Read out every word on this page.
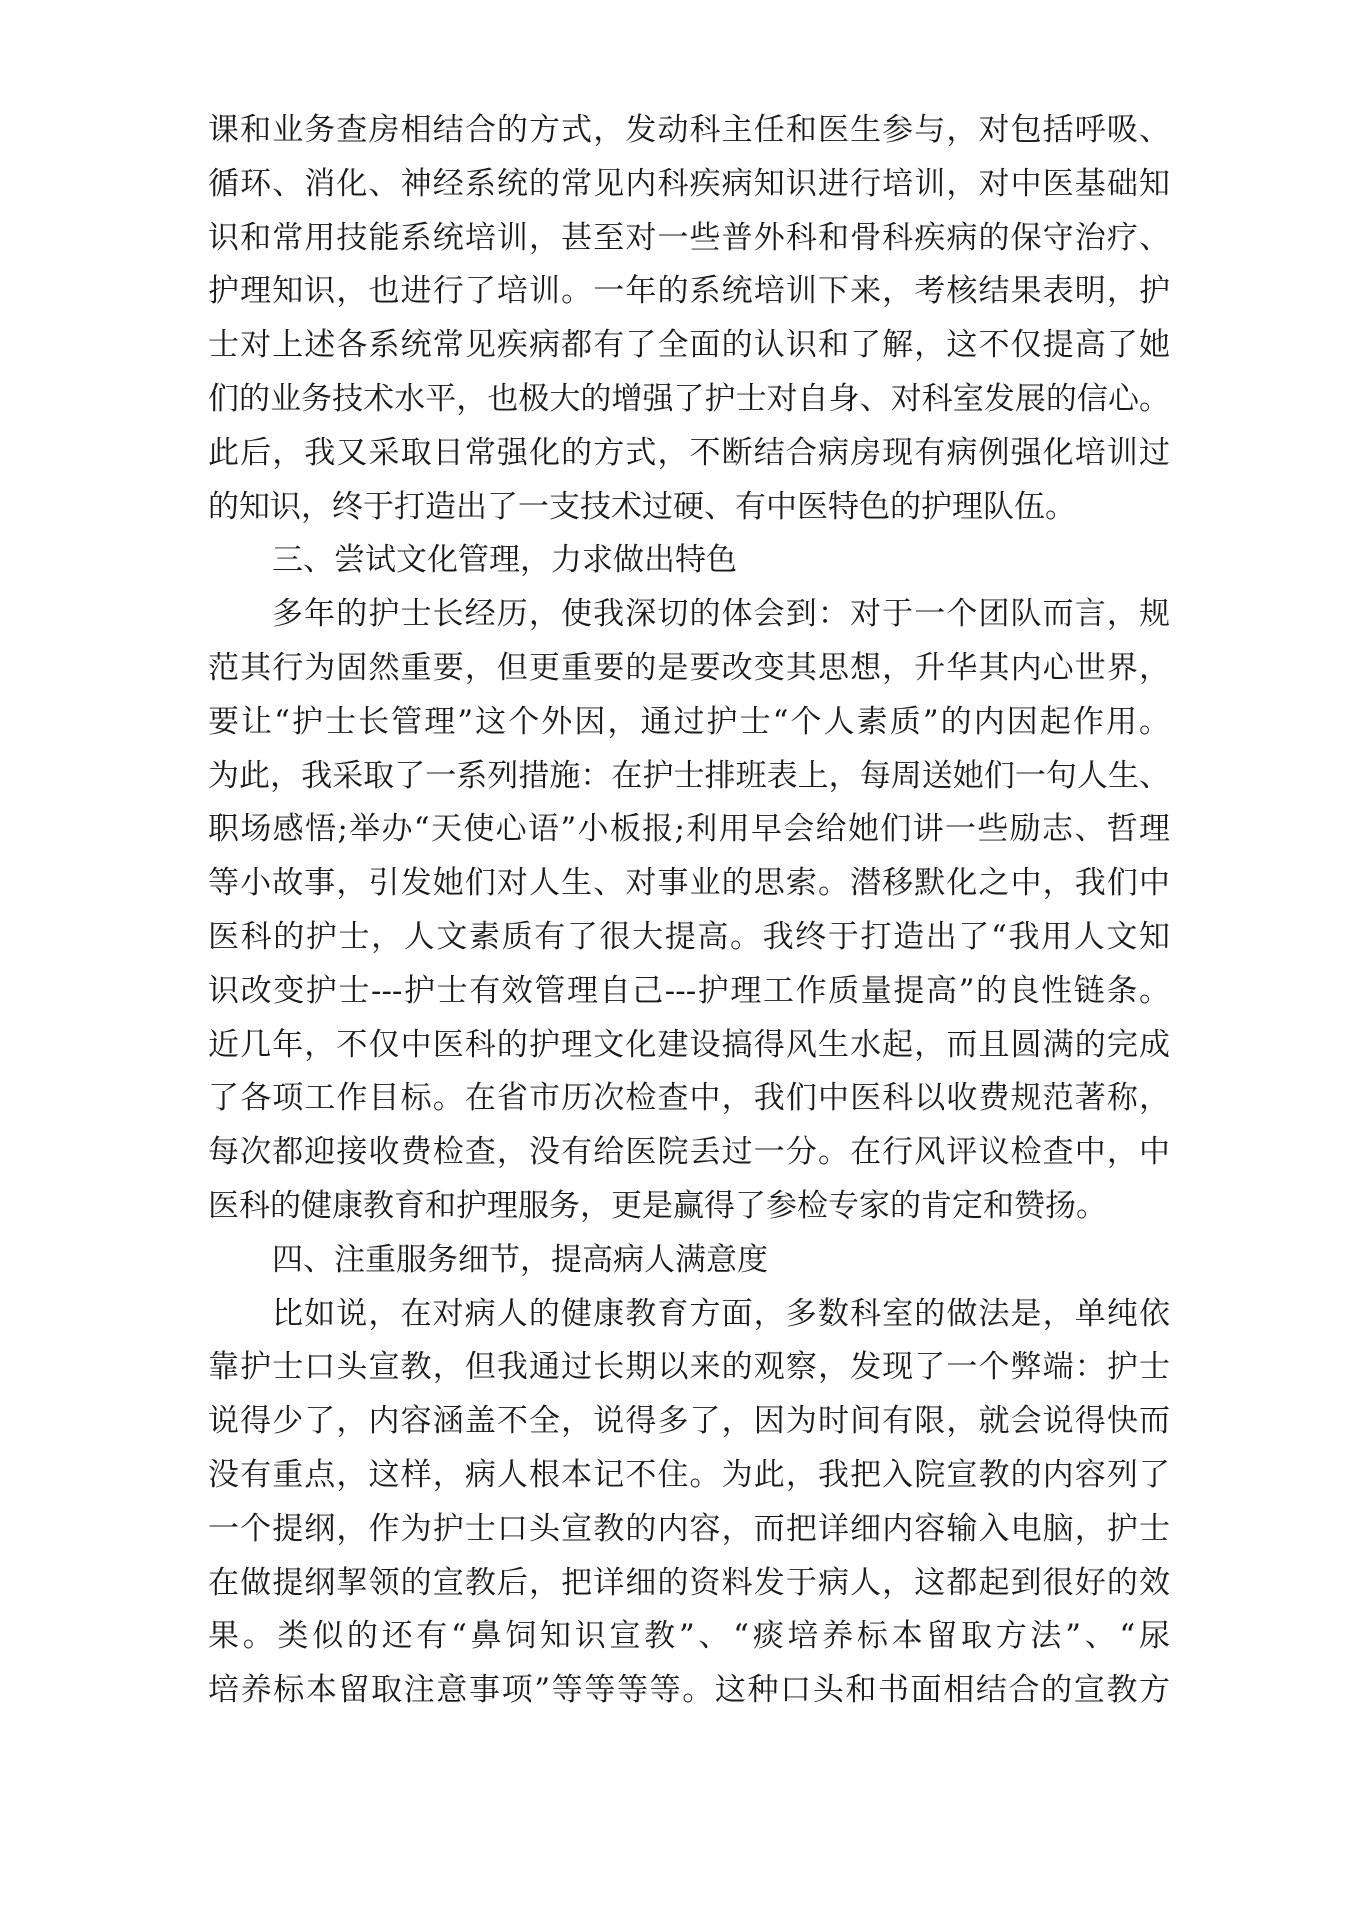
课和业务查房相结合的方式，发动科主任和医生参与，对包括呼吸、
循环、消化、神经系统的常见内科疾病知识进行培训，对中医基础知
识和常用技能系统培训，甚至对一些普外科和骨科疾病的保守治疗、
护理知识，也进行了培训。一年的系统培训下来，考核结果表明，护
士对上述各系统常见疾病都有了全面的认识和了解，这不仅提高了她
们的业务技术水平，也极大的增强了护士对自身、对科室发展的信心。
此后，我又采取日常强化的方式，不断结合病房现有病例强化培训过
的知识，终于打造出了一支技术过硬、有中医特色的护理队伍。
三、尝试文化管理，力求做出特色
多年的护士长经历，使我深切的体会到：对于一个团队而言，规
范其行为固然重要，但更重要的是要改变其思想，升华其内心世界，
要让“护士长管理”这个外因，通过护士“个人素质”的内因起作用。
为此，我采取了一系列措施：在护士排班表上，每周送她们一句人生、
职场感悟;举办“天使心语”小板报;利用早会给她们讲一些励志、哲理
等小故事，引发她们对人生、对事业的思索。潜移默化之中，我们中
医科的护士，人文素质有了很大提高。我终于打造出了“我用人文知
识改变护士---护士有效管理自己---护理工作质量提高”的良性链条。
近几年，不仅中医科的护理文化建设搞得风生水起，而且圆满的完成
了各项工作目标。在省市历次检查中，我们中医科以收费规范著称，
每次都迎接收费检查，没有给医院丢过一分。在行风评议检查中，中
医科的健康教育和护理服务，更是赢得了参检专家的肯定和赞扬。
四、注重服务细节，提高病人满意度
比如说，在对病人的健康教育方面，多数科室的做法是，单纯依
靠护士口头宣教，但我通过长期以来的观察，发现了一个弊端：护士
说得少了，内容涵盖不全，说得多了，因为时间有限，就会说得快而
没有重点，这样，病人根本记不住。为此，我把入院宣教的内容列了
一个提纲，作为护士口头宣教的内容，而把详细内容输入电脑，护士
在做提纲挈领的宣教后，把详细的资料发于病人，这都起到很好的效
果。类似的还有“鼻饲知识宣教”、“痰培养标本留取方法”、“尿
培养标本留取注意事项”等等等等。这种口头和书面相结合的宣教方
